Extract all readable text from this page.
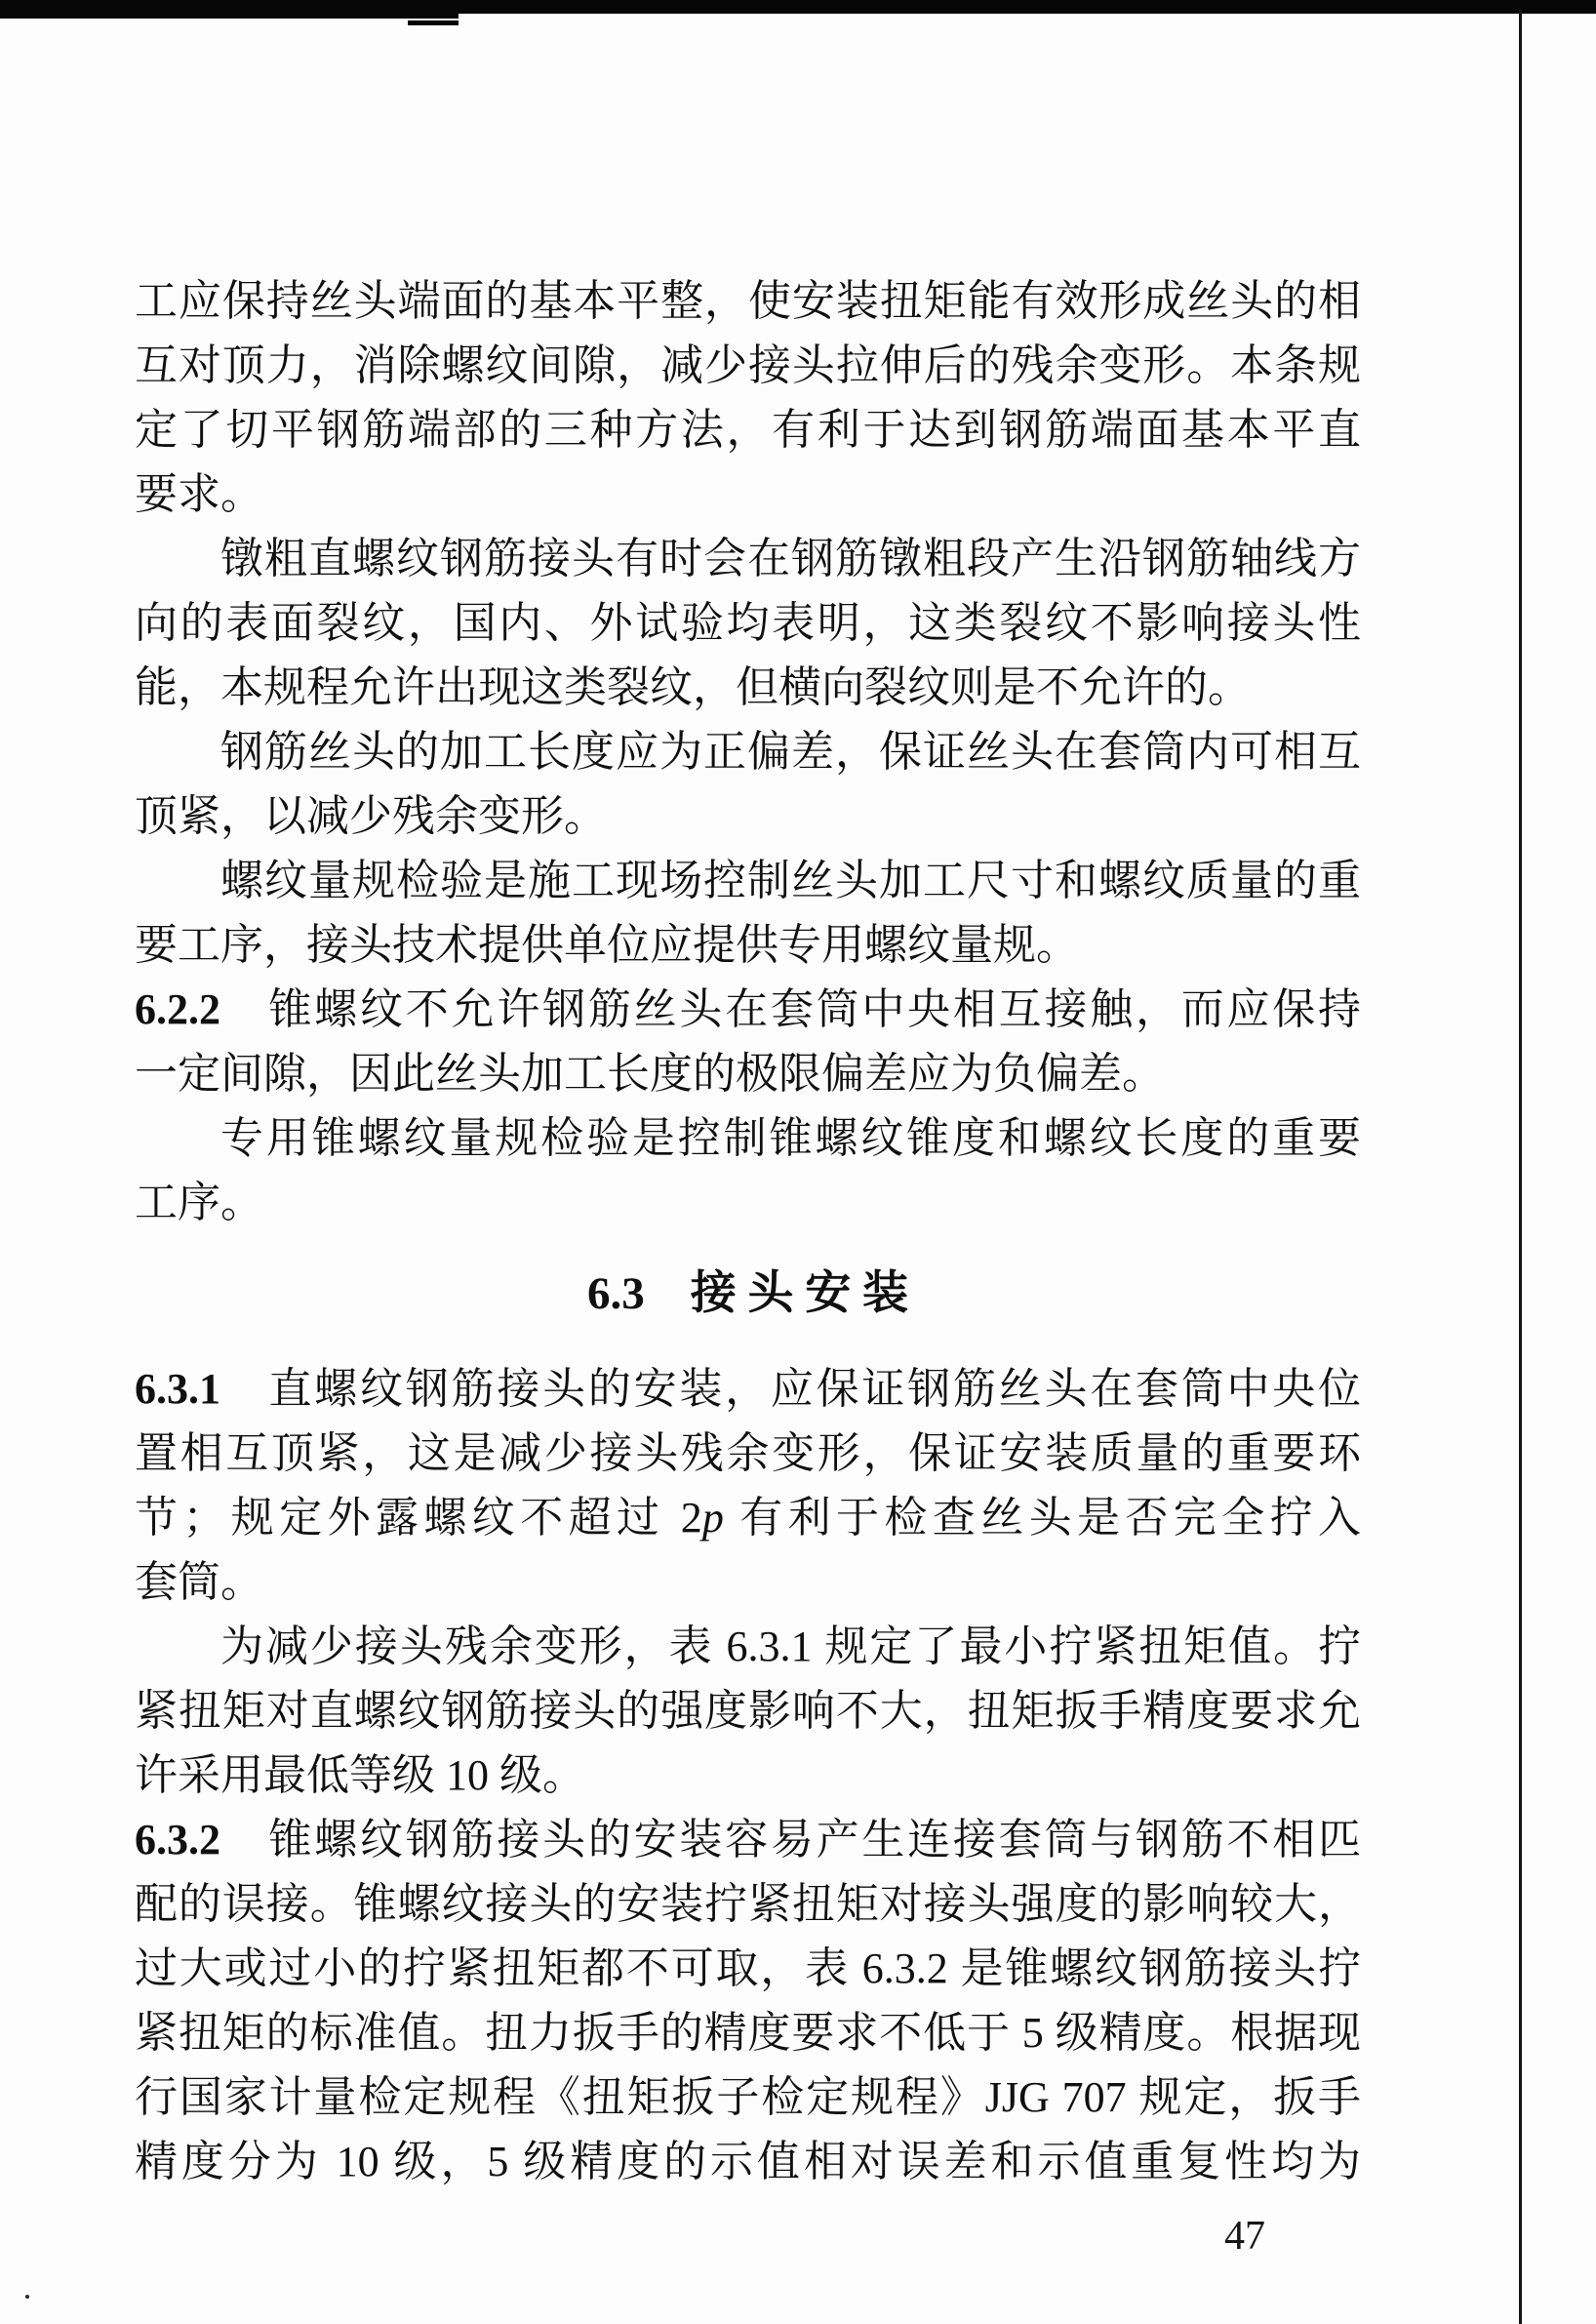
工应保持丝头端面的基本平整，使安装扭矩能有效形成丝头的相
互对顶力，消除螺纹间隙，减少接头拉伸后的残余变形。本条规
定了切平钢筋端部的三种方法，有利于达到钢筋端面基本平直
要求。
镦粗直螺纹钢筋接头有时会在钢筋镦粗段产生沿钢筋轴线方
向的表面裂纹，国内、外试验均表明，这类裂纹不影响接头性
能，本规程允许出现这类裂纹，但横向裂纹则是不允许的。
钢筋丝头的加工长度应为正偏差，保证丝头在套筒内可相互
顶紧，以减少残余变形。
螺纹量规检验是施工现场控制丝头加工尺寸和螺纹质量的重
要工序，接头技术提供单位应提供专用螺纹量规。
6.2.2　锥螺纹不允许钢筋丝头在套筒中央相互接触，而应保持
一定间隙，因此丝头加工长度的极限偏差应为负偏差。
专用锥螺纹量规检验是控制锥螺纹锥度和螺纹长度的重要
工序。
6.3　接 头 安 装
6.3.1　直螺纹钢筋接头的安装，应保证钢筋丝头在套筒中央位
置相互顶紧，这是减少接头残余变形，保证安装质量的重要环
节；规定外露螺纹不超过 2p 有利于检查丝头是否完全拧入
套筒。
为减少接头残余变形，表 6.3.1 规定了最小拧紧扭矩值。拧
紧扭矩对直螺纹钢筋接头的强度影响不大，扭矩扳手精度要求允
许采用最低等级 10 级。
6.3.2　锥螺纹钢筋接头的安装容易产生连接套筒与钢筋不相匹
配的误接。锥螺纹接头的安装拧紧扭矩对接头强度的影响较大，
过大或过小的拧紧扭矩都不可取，表 6.3.2 是锥螺纹钢筋接头拧
紧扭矩的标准值。扭力扳手的精度要求不低于 5 级精度。根据现
行国家计量检定规程《扭矩扳子检定规程》JJG 707 规定，扳手
精度分为 10 级，5 级精度的示值相对误差和示值重复性均为
47
